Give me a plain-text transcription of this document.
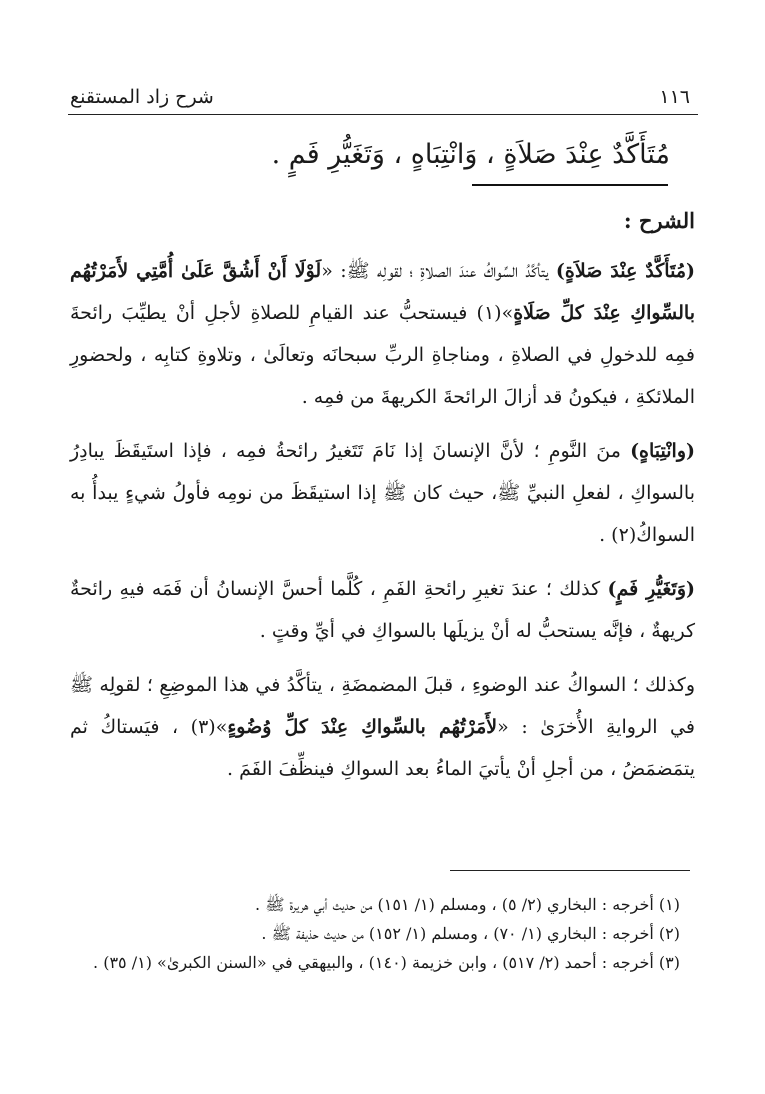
١١٦
شرح زاد المستقنع
مُتَأَكَّدٌ عِنْدَ صَلاَةٍ ، وَانْتِبَاهٍ ، وَتَغَيُّرِ فَمٍ .

الشرح :

(مُتَأَكَّدٌ عِنْدَ صَلاَةٍ) يتأكَّدُ السِّواكُ عندَ الصلاةِ ؛ لقولِه ﷺ: «لَوْلَا أَنْ أَشُقَّ عَلَىٰ أُمَّتِي لأَمَرْتُهُم بالسِّواكِ عِنْدَ كلِّ صَلَاةٍ»(١) فيستحبُّ عند القيامِ للصلاةِ لأجلِ أنْ يطيِّبَ رائحةَ فمِه للدخولِ في الصلاةِ ، ومناجاةِ الربِّ سبحانَه وتعالَىٰ ، وتلاوةِ كتابِه ، ولحضورِ الملائكةِ ، فيكونُ قد أزالَ الرائحةَ الكريهةَ من فمِه .

(وانْتِبَاهٍ) منَ النَّومِ ؛ لأنَّ الإنسانَ إذا نَامَ تَتَغيرُ رائحةُ فمِه ، فإذا استَيقَظَ يبادِرُ بالسواكِ ، لفعلِ النبيِّ ﷺ، حيث كان ﷺ إذا استيقَظَ من نومِه فأولُ شيءٍ يبدأُ به السواكُ(٢) .

(وَتَغَيُّرِ فَمٍ) كذلك ؛ عندَ تغيرِ رائحةِ الفَمِ ، كُلَّما أحسَّ الإنسانُ أن فَمَه فيهِ رائحةٌ كريهةٌ ، فإنَّه يستحبُّ له أنْ يزيلَها بالسواكِ في أيِّ وقتٍ .

وكذلك ؛ السواكُ عند الوضوءِ ، قبلَ المضمضَةِ ، يتأكَّدُ في هذا الموضِعِ ؛ لقولِه ﷺ في الروايةِ الأُخرَىٰ : «لأَمَرْتُهُم بالسِّواكِ عِنْدَ كلِّ وُضُوءٍ»(٣) ، فيَستاكُ ثم يتمَضمَضُ ، من أجلِ أنْ يأتيَ الماءُ بعد السواكِ فينظِّفَ الفَمَ .

(١) أخرجه : البخاري (٢/ ٥) ، ومسلم (١/ ١٥١) من حديث أبي هريرة ﷺ .
(٢) أخرجه : البخاري (١/ ٧٠) ، ومسلم (١/ ١٥٢) من حديث حذيفة ﷺ .
(٣) أخرجه : أحمد (٢/ ٥١٧) ، وابن خزيمة (١٤٠) ، والبيهقي في «السنن الكبرىٰ» (١/ ٣٥) .
